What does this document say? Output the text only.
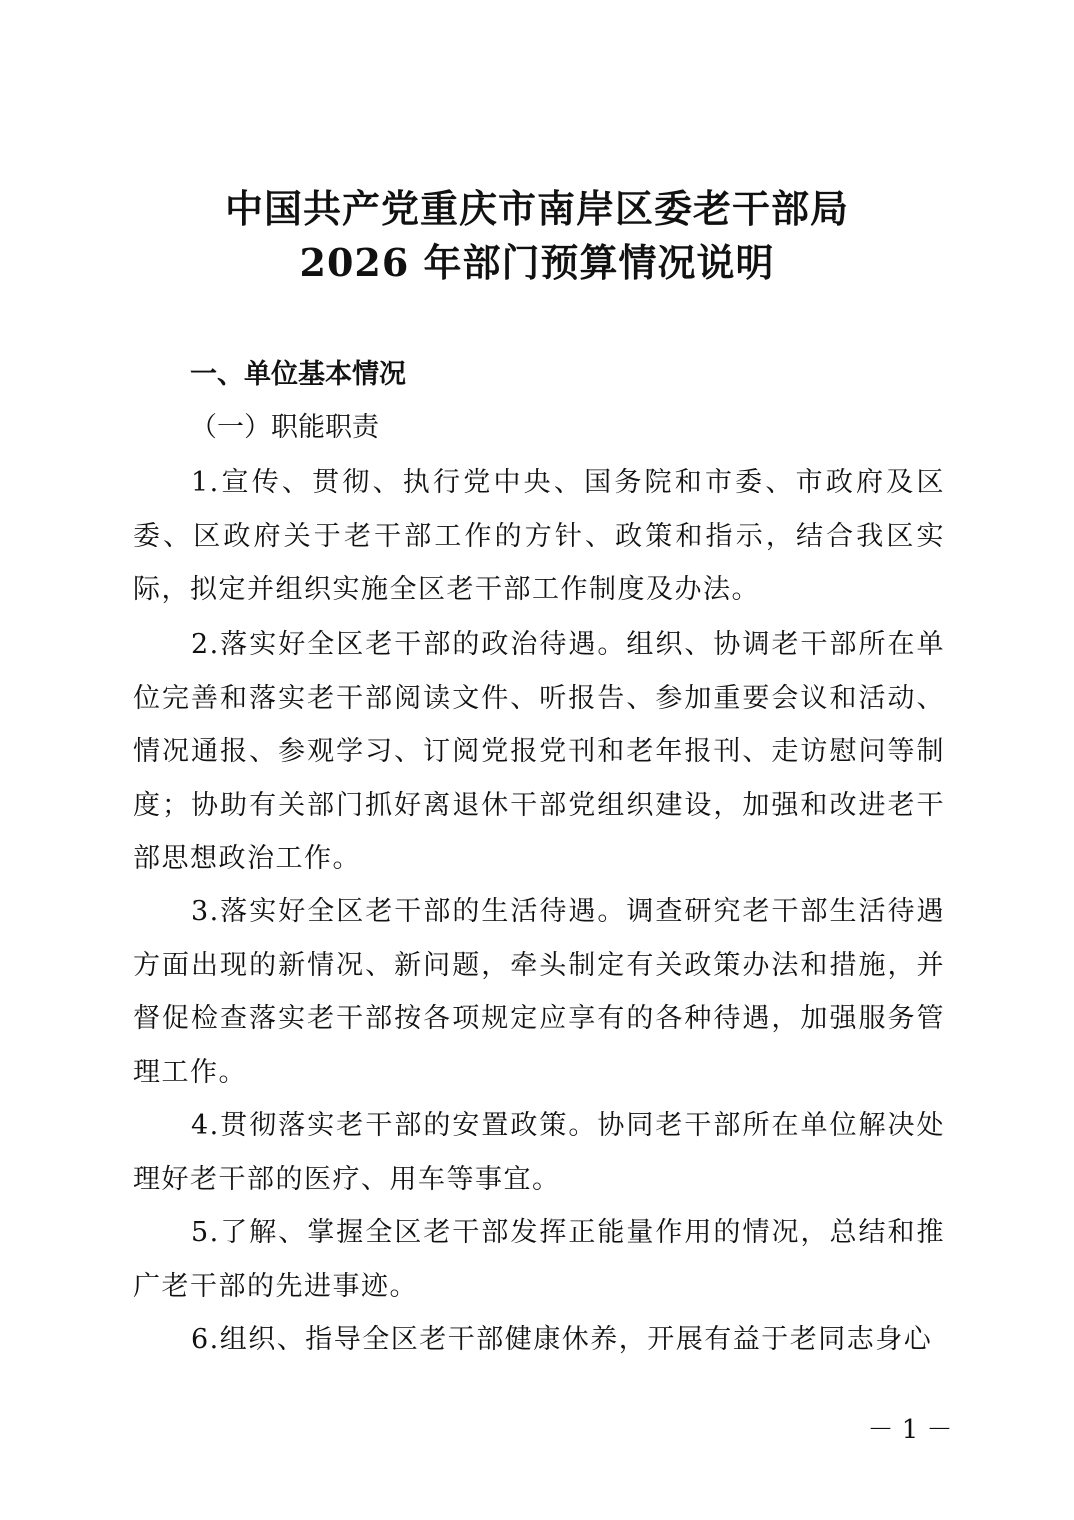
中国共产党重庆市南岸区委老干部局
2026 年部门预算情况说明
一、单位基本情况
（一）职能职责
1.宣传、贯彻、执行党中央、国务院和市委、市政府及区委、区政府关于老干部工作的方针、政策和指示，结合我区实际，拟定并组织实施全区老干部工作制度及办法。
2.落实好全区老干部的政治待遇。组织、协调老干部所在单位完善和落实老干部阅读文件、听报告、参加重要会议和活动、情况通报、参观学习、订阅党报党刊和老年报刊、走访慰问等制度；协助有关部门抓好离退休干部党组织建设，加强和改进老干部思想政治工作。
3.落实好全区老干部的生活待遇。调查研究老干部生活待遇方面出现的新情况、新问题，牵头制定有关政策办法和措施，并督促检查落实老干部按各项规定应享有的各种待遇，加强服务管理工作。
4.贯彻落实老干部的安置政策。协同老干部所在单位解决处理好老干部的医疗、用车等事宜。
5.了解、掌握全区老干部发挥正能量作用的情况，总结和推广老干部的先进事迹。
6.组织、指导全区老干部健康休养，开展有益于老同志身心
－ 1 －
